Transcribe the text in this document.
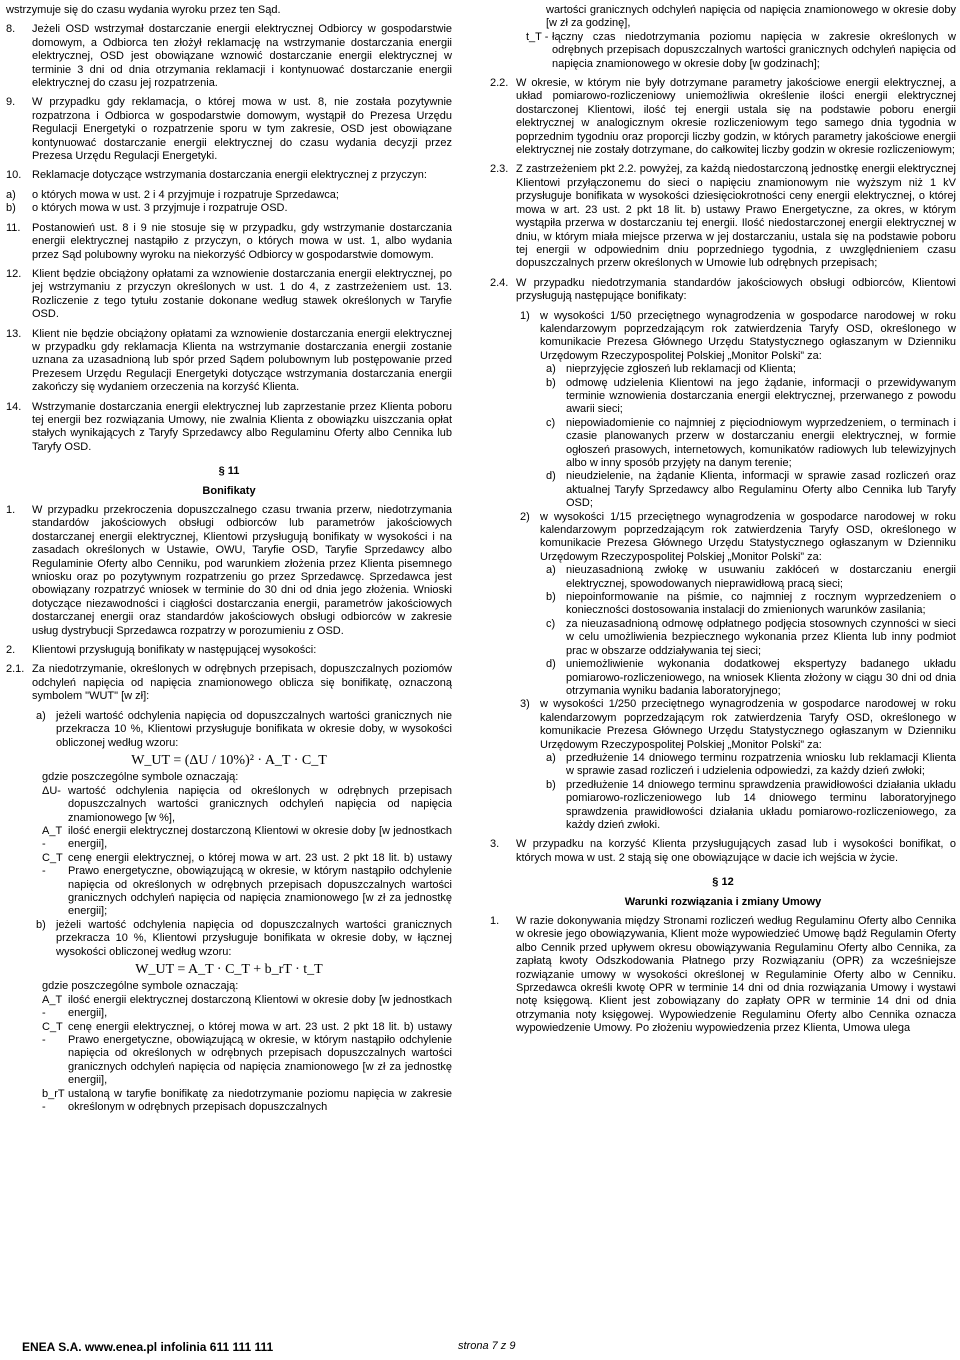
wstrzymuje się do czasu wydania wyroku przez ten Sąd.

8.	Jeżeli OSD wstrzymał dostarczanie energii elektrycznej Odbiorcy w gospodarstwie domowym, a Odbiorca ten złożył reklamację na wstrzymanie dostarczania energii elektrycznej, OSD jest obowiązane wznowić dostarczanie energii elektrycznej w terminie 3 dni od dnia otrzymania reklamacji i kontynuować dostarczanie energii elektrycznej do czasu jej rozpatrzenia.
9.	W przypadku gdy reklamacja, o której mowa w ust. 8, nie została pozytywnie rozpatrzona i Odbiorca w gospodarstwie domowym, wystąpił do Prezesa Urzędu Regulacji Energetyki o rozpatrzenie sporu w tym zakresie, OSD jest obowiązane kontynuować dostarczanie energii elektrycznej do czasu wydania decyzji przez Prezesa Urzędu Regulacji Energetyki.
10. Reklamacje dotyczące wstrzymania dostarczania energii elektrycznej z przyczyn:
a)	o których mowa w ust. 2 i 4 przyjmuje i rozpatruje Sprzedawca;
b)	o których mowa w ust. 3 przyjmuje i rozpatruje OSD.
11.	Postanowień ust. 8 i 9 nie stosuje się w przypadku, gdy wstrzymanie dostarczania energii elektrycznej nastąpiło z przyczyn, o których mowa w ust. 1, albo wydania przez Sąd polubowny wyroku na niekorzyść Odbiorcy w gospodarstwie domowym.
12. Klient będzie obciążony opłatami za wznowienie dostarczania energii elektrycznej, po jej wstrzymaniu z przyczyn określonych w ust. 1 do 4, z zastrzeżeniem ust. 13. Rozliczenie z tego tytułu zostanie dokonane według stawek określonych w Taryfie OSD.
13. Klient nie będzie obciążony opłatami za wznowienie dostarczania energii elektrycznej w przypadku gdy reklamacja Klienta na wstrzymanie dostarczania energii zostanie uznana za uzasadnioną lub spór przed Sądem polubownym lub postępowanie przed Prezesem Urzędu Regulacji Energetyki dotyczące wstrzymania dostarczania energii zakończy się wydaniem orzeczenia na korzyść Klienta.
14. Wstrzymanie dostarczania energii elektrycznej lub zaprzestanie przez Klienta poboru tej energii bez rozwiązania Umowy, nie zwalnia Klienta z obowiązku uiszczania opłat stałych wynikających z Taryfy Sprzedawcy albo Regulaminu Oferty albo Cennika lub Taryfy OSD.

§ 11

Bonifikaty

1.	W przypadku przekroczenia dopuszczalnego czasu trwania przerw, niedotrzymania standardów jakościowych obsługi odbiorców lub parametrów jakościowych dostarczanej energii elektrycznej, Klientowi przysługują bonifikaty w wysokości i na zasadach określonych w Ustawie, OWU, Taryfie OSD, Taryfie Sprzedawcy albo Regulaminie Oferty albo Cenniku, pod warunkiem złożenia przez Klienta pisemnego wniosku oraz po pozytywnym rozpatrzeniu go przez Sprzedawcę. Sprzedawca jest obowiązany rozpatrzyć wniosek w terminie do 30 dni od dnia jego złożenia. Wnioski dotyczące niezawodności i ciągłości dostarczania energii, parametrów jakościowych dostarczanej energii oraz standardów jakościowych obsługi odbiorców w zakresie usług dystrybucji Sprzedawca rozpatrzy w porozumieniu z OSD.
2.	Klientowi przysługują bonifikaty w następującej wysokości:
2.1. Za niedotrzymanie, określonych w odrębnych przepisach, dopuszczalnych poziomów odchyleń napięcia od napięcia znamionowego oblicza się bonifikatę, oznaczoną symbolem "WUT" [w zł]:
a) jeżeli wartość odchylenia napięcia od dopuszczalnych wartości granicznych nie przekracza 10 %, Klientowi przysługuje bonifikata w okresie doby, w wysokości obliczonej według wzoru:
W_UT = (ΔU / 10%)² · A_T · C_T

gdzie poszczególne symbole oznaczają:

ΔU- wartość odchylenia napięcia od określonych w odrębnych przepisach dopuszczalnych wartości granicznych odchyleń napięcia od napięcia znamionowego [w %],
A_T -
ilość energii elektrycznej dostarczoną Klientowi w okresie doby [w jednostkach energii],
C_T -
cenę energii elektrycznej, o której mowa w art. 23 ust. 2 pkt 18 lit. b) ustawy Prawo energetyczne, obowiązującą w okresie, w którym nastąpiło odchylenie napięcia od określonych w odrębnych przepisach dopuszczalnych wartości granicznych odchyleń napięcia od napięcia znamionowego [w zł za jednostkę energii];
b) jeżeli wartość odchylenia napięcia od dopuszczalnych wartości granicznych przekracza 10 %, Klientowi przysługuje bonifikata w okresie doby, w łącznej wysokości obliczonej według wzoru:
W_UT = A_T · C_T + b_rT · t_T

gdzie poszczególne symbole oznaczają:

A_T -
ilość energii elektrycznej dostarczoną Klientowi w okresie doby [w jednostkach energii],
C_T -
cenę energii elektrycznej, o której mowa w art. 23 ust. 2 pkt 18 lit. b) ustawy Prawo energetyczne, obowiązującą w okresie, w którym nastąpiło odchylenie napięcia od określonych w odrębnych przepisach dopuszczalnych wartości granicznych odchyleń napięcia od napięcia znamionowego [w zł za jednostkę energii],
b_rT -
ustaloną w taryfie bonifikatę za niedotrzymanie poziomu napięcia w zakresie określonym w odrębnych przepisach dopuszczalnych

wartości granicznych odchyleń napięcia od napięcia znamionowego w okresie doby [w zł za godzinę],

t_T - łączny czas niedotrzymania poziomu napięcia w zakresie określonych w odrębnych przepisach dopuszczalnych wartości granicznych odchyleń napięcia od napięcia znamionowego w okresie doby [w godzinach];
2.2. W okresie, w którym nie były dotrzymane parametry jakościowe energii elektrycznej, a układ pomiarowo-rozliczeniowy uniemożliwia określenie ilości energii elektrycznej dostarczonej Klientowi, ilość tej energii ustala się na podstawie poboru energii elektrycznej w analogicznym okresie rozliczeniowym tego samego dnia tygodnia w poprzednim tygodniu oraz proporcji liczby godzin, w których parametry jakościowe energii elektrycznej nie zostały dotrzymane, do całkowitej liczby godzin w okresie rozliczeniowym;
2.3. Z zastrzeżeniem pkt 2.2. powyżej, za każdą niedostarczoną jednostkę energii elektrycznej Klientowi przyłączonemu do sieci o napięciu znamionowym nie wyższym niż 1 kV przysługuje bonifikata w wysokości dziesięciokrotności ceny energii elektrycznej, o której mowa w art. 23 ust. 2 pkt 18 lit. b) ustawy Prawo Energetyczne, za okres, w którym wystąpiła przerwa w dostarczaniu tej energii. Ilość niedostarczonej energii elektrycznej w dniu, w którym miała miejsce przerwa w jej dostarczaniu, ustala się na podstawie poboru tej energii w odpowiednim dniu poprzedniego tygodnia, z uwzględnieniem czasu dopuszczalnych przerw określonych w Umowie lub odrębnych przepisach;
2.4. W przypadku niedotrzymania standardów jakościowych obsługi odbiorców, Klientowi przysługują następujące bonifikaty:
1) w wysokości 1/50 przeciętnego wynagrodzenia w gospodarce narodowej w roku kalendarzowym poprzedzającym rok zatwierdzenia Taryfy OSD, określonego w komunikacie Prezesa Głównego Urzędu Statystycznego ogłaszanym w Dzienniku Urzędowym Rzeczypospolitej Polskiej „Monitor Polski” za:
a) nieprzyjęcie zgłoszeń lub reklamacji od Klienta;
b) odmowę udzielenia Klientowi na jego żądanie, informacji o przewidywanym terminie wznowienia dostarczania energii elektrycznej, przerwanego z powodu awarii sieci;
c) niepowiadomienie co najmniej z pięciodniowym wyprzedzeniem, o terminach i czasie planowanych przerw w dostarczaniu energii elektrycznej, w formie ogłoszeń prasowych, internetowych, komunikatów radiowych lub telewizyjnych albo w inny sposób przyjęty na danym terenie;
d) nieudzielenie, na żądanie Klienta, informacji w sprawie zasad rozliczeń oraz aktualnej Taryfy Sprzedawcy albo Regulaminu Oferty albo Cennika lub Taryfy OSD;
2) w wysokości 1/15 przeciętnego wynagrodzenia w gospodarce narodowej w roku kalendarzowym poprzedzającym rok zatwierdzenia Taryfy OSD, określonego w komunikacie Prezesa Głównego Urzędu Statystycznego ogłaszanym w Dzienniku Urzędowym Rzeczypospolitej Polskiej „Monitor Polski” za:
a) nieuzasadnioną zwłokę w usuwaniu zakłóceń w dostarczaniu energii elektrycznej, spowodowanych nieprawidłową pracą sieci;
b) niepoinformowanie na piśmie, co najmniej z rocznym wyprzedzeniem o konieczności dostosowania instalacji do zmienionych warunków zasilania;
c) za nieuzasadnioną odmowę odpłatnego podjęcia stosownych czynności w sieci w celu umożliwienia bezpiecznego wykonania przez Klienta lub inny podmiot prac w obszarze oddziaływania tej sieci;
d) uniemożliwienie wykonania dodatkowej ekspertyzy badanego układu pomiarowo-rozliczeniowego, na wniosek Klienta złożony w ciągu 30 dni od dnia otrzymania wyniku badania laboratoryjnego;
3) w wysokości 1/250 przeciętnego wynagrodzenia w gospodarce narodowej w roku kalendarzowym poprzedzającym rok zatwierdzenia Taryfy OSD, określonego w komunikacie Prezesa Głównego Urzędu Statystycznego ogłaszanym w Dzienniku Urzędowym Rzeczypospolitej Polskiej „Monitor Polski” za:
a) przedłużenie 14 dniowego terminu rozpatrzenia wniosku lub reklamacji Klienta w sprawie zasad rozliczeń i udzielenia odpowiedzi, za każdy dzień zwłoki;
b) przedłużenie 14 dniowego terminu sprawdzenia prawidłowości działania układu pomiarowo-rozliczeniowego lub 14 dniowego terminu laboratoryjnego sprawdzenia prawidłowości działania układu pomiarowo-rozliczeniowego, za każdy dzień zwłoki.
3.	W przypadku na korzyść Klienta przysługujących zasad lub i wysokości bonifikat, o których mowa w ust. 2 stają się one obowiązujące w dacie ich wejścia w życie.

§ 12

Warunki rozwiązania i zmiany Umowy

1.	W razie dokonywania między Stronami rozliczeń według Regulaminu Oferty albo Cennika w okresie jego obowiązywania, Klient może wypowiedzieć Umowę bądź Regulamin Oferty albo Cennik przed upływem okresu obowiązywania Regulaminu Oferty albo Cennika, za zapłatą kwoty Odszkodowania Płatnego przy Rozwiązaniu (OPR) za wcześniejsze rozwiązanie umowy w wysokości określonej w Regulaminie Oferty albo w Cenniku. Sprzedawca określi kwotę OPR w terminie 14 dni od dnia rozwiązania Umowy i wystawi notę księgową. Klient jest zobowiązany do zapłaty OPR w terminie 14 dni od dnia otrzymania noty księgowej. Wypowiedzenie Regulaminu Oferty albo Cennika oznacza wypowiedzenie Umowy. Po złożeniu wypowiedzenia przez Klienta, Umowa ulega
ENEA S.A. www.enea.pl infolinia 611 111 111	strona 7 z 9
